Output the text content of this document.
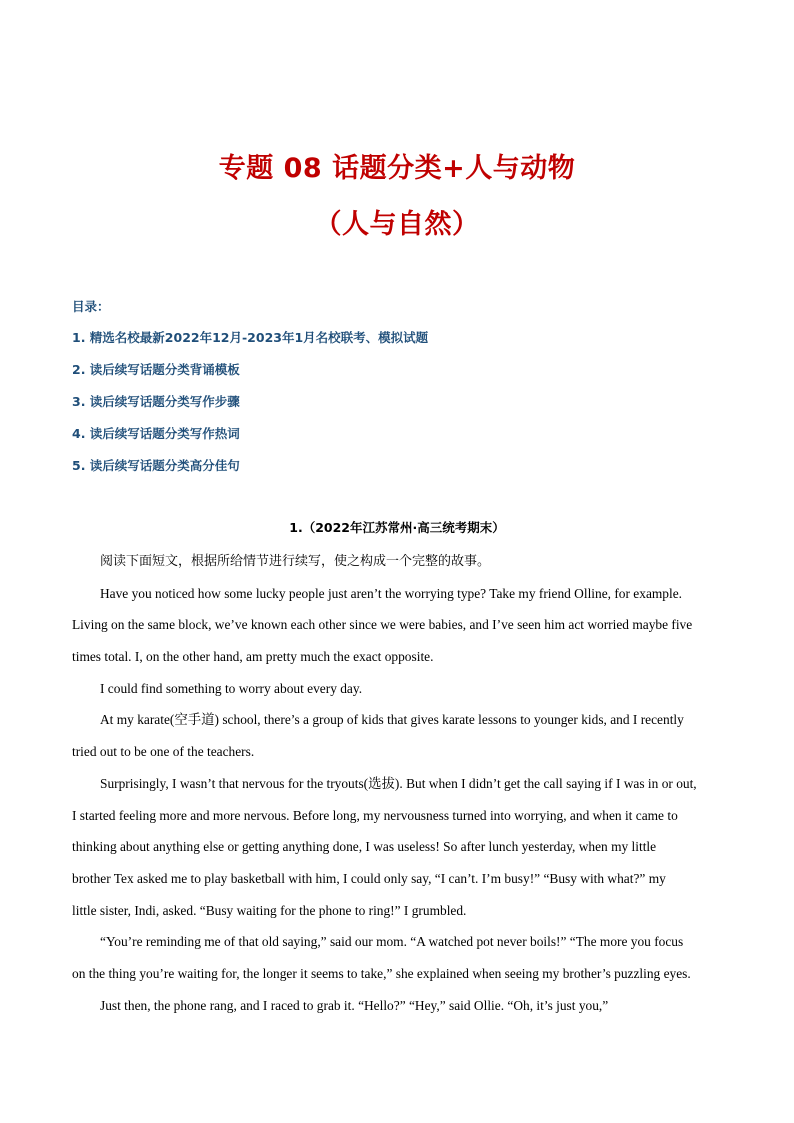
专题 08 话题分类+人与动物
（人与自然）
目录：
1. 精选名校最新2022年12月-2023年1月名校联考、模拟试题
2. 读后续写话题分类背诵模板
3. 读后续写话题分类写作步骤
4. 读后续写话题分类写作热词
5. 读后续写话题分类高分佳句
1.（2022年江苏常州·高三统考期末）
阅读下面短文，根据所给情节进行续写，使之构成一个完整的故事。
Have you noticed how some lucky people just aren’t the worrying type? Take my friend Olline, for example.
Living on the same block, we’ve known each other since we were babies, and I’ve seen him act worried maybe five
times total. I, on the other hand, am pretty much the exact opposite.
I could find something to worry about every day.
At my karate(空手道) school, there’s a group of kids that gives karate lessons to younger kids, and I recently
tried out to be one of the teachers.
Surprisingly, I wasn’t that nervous for the tryouts(选拔). But when I didn’t get the call saying if I was in or out,
I started feeling more and more nervous. Before long, my nervousness turned into worrying, and when it came to
thinking about anything else or getting anything done, I was useless! So after lunch yesterday, when my little
brother Tex asked me to play basketball with him, I could only say, “I can’t. I’m busy!” “Busy with what?” my
little sister, Indi, asked. “Busy waiting for the phone to ring!” I grumbled.
“You’re reminding me of that old saying,” said our mom. “A watched pot never boils!” “The more you focus
on the thing you’re waiting for, the longer it seems to take,” she explained when seeing my brother’s puzzling eyes.
Just then, the phone rang, and I raced to grab it. “Hello?” “Hey,” said Ollie. “Oh, it’s just you,”
